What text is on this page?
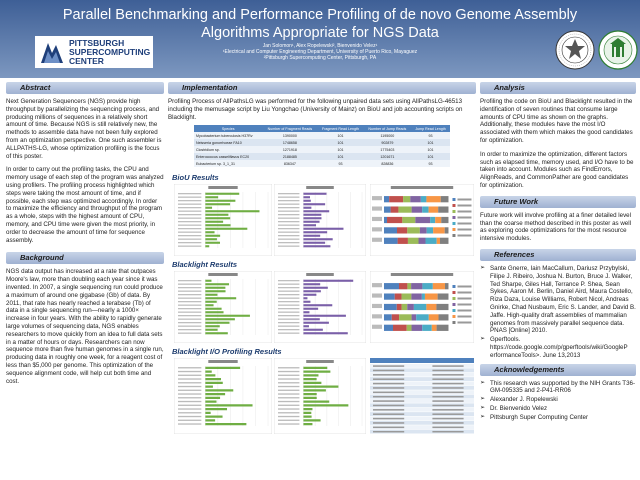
Parallel Benchmarking and Performance Profiling of de novo Genome Assembly Algorithms Appropriate for NGS Data
Jan Solomon¹, Alex Ropelewski², Bienvenido Velez¹
¹Electrical and Computer Engineering Department, University of Puerto Rico, Mayaguez
²Pittsburgh Supercomputing Center, Pittsburgh, PA
PITTSBURGH
SUPERCOMPUTING
CENTER
Abstract

Next Generation Sequencers (NGS) provide high throughput by parallelizing the sequencing process, and producing millions of sequences in a relatively short amount of time. Because NGS is still relatively new, the methods to assemble data have not been fully explored from an optimization perspective. One such assembler is ALLPATHS-LG, whose optimization profiling is the focus of this poster.

In order to carry out the profiling tasks, the CPU and memory usage of each step of the program was analyzed using profilers. The profiling process highlighted which steps were taking the most amount of time, and if possible, each step was optimized accordingly. In order to maximize the efficiency and throughput of the program as a whole, steps with the highest amount of CPU, memory, and CPU time were given the most priority, in order to decrease the amount of time for sequence assembly.

Background

NGS data output has increased at a rate that outpaces Moore's law, more than doubling each year since it was invented. In 2007, a single sequencing run could produce a maximum of around one gigabase (Gb) of data. By 2011, that rate has nearly reached a terabase (Tb) of data in a single sequencing run—nearly a 1000× increase in four years. With the ability to rapidly generate large volumes of sequencing data, NGS enables researchers to move quickly from an idea to full data sets in a matter of hours or days. Researchers can now sequence more than five human genomes in a single run, producing data in roughly one week, for a reagent cost of less than $5,000 per genome. This optimization of the sequence alignment code, will help cut both time and cost.

Implementation

Profiling Process of AllPathsLG was performed for the following unpaired data sets using AllPathsLG-46513 including the memusage script by Liu Yongchao (University of Mainz) on BioU and job accounting scripts on Blacklight.

Species	Number of Fragment Reads	Fragment Read Length	Number of Jump Reads	Jump Read Length
Mycobacterium tuberculosis H37Rv	1390000	101	1195000	93
Neisseria gonorrhoeae FA10	1748658	101	902879	101
Clostridium sp.	1271918	101	1775403	101
Enterococcus casseliflavus EC20	2188485	101	1201671	101
Eubacterium sp. 3_1_31	836347	93	828836	93
BioU Results
Blacklight Results
Blacklight I/O Profiling Results
Analysis

Profiling the code on BioU and Blacklight resulted in the identification of seven routines that consume large amounts of CPU time as shown on the graphs. Additionally, these modules have the most I/O associated with them which makes the good candidates for optimization.

In order to maximize the optimization, different factors such as elapsed time, memory used, and I/O have to be taken into account. Modules such as FindErrors, AlignReads, and CommonPather are good candidates for optimization.

Future Work

Future work will involve profiling at a finer detailed level than the coarse method described in this poster as well as exploring code optimizations for the most resource intensive modules.

References
➢ Sante Gnerre, Iain MacCallum, Dariusz Przybylski, Filipe J. Ribeiro, Joshua N. Burton, Bruce J. Walker, Ted Sharpe, Giles Hall, Terrance P. Shea, Sean Sykes, Aaron M. Berlin, Daniel Aird, Maura Costello, Riza Daza, Louise Williams, Robert Nicol, Andreas Gnirke, Chad Nusbaum, Eric S. Lander, and David B. Jaffe. High-quality draft assemblies of mammalian genomes from massively parallel sequence data. PNAS [Online] 2010.
➢ Gperftools. https://code.google.com/p/gperftools/wiki/GoogleP erformanceTools>. June 13,2013
Acknowledgements
➢ This research was supported by the NIH Grants T36-GM-095335 and 2-P41-RR06
➢ Alexander J. Ropelewski
➢ Dr. Bienvenido Velez
➢ Pittsburgh Super Computing Center
